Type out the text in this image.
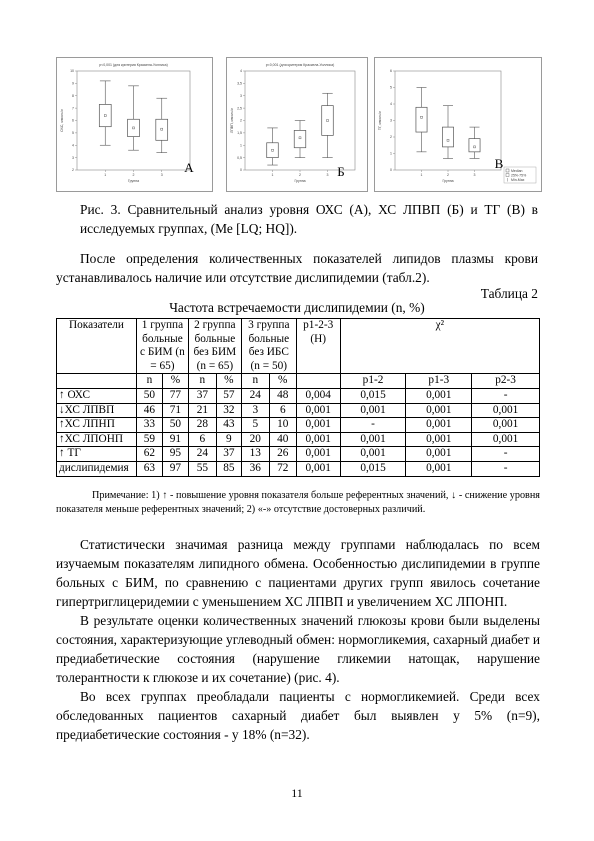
10
9
8
7
6
5
4
3
2
1	2	3
Группа
ОХС, ммоль/л
p<0,001 (для критерия Краскела-Уоллиса)
А
4
3,5
3
2,5
2
1,5
1
0,5
0
1	2	3
Группа
ЛПВП, ммоль/л
p<0,001 (для критерия Краскела-Уоллиса)
Б
6
5
4
3
2
1
0
1	2	3
Группа
ТГ, ммоль/л
В Median
25%-75%
Min-Max
Рис. 3. Сравнительный анализ уровня ОХС (А), ХС ЛПВП (Б) и ТГ (В) в исследуемых группах, (Ме [LQ; HQ]).

После определения количественных показателей липидов плазмы крови устанавливалось наличие или отсутствие дислипидемии (табл.2).

Таблица 2
Частота встречаемости дислипидемии (n, %)
Показатели	1 группа больные с БИМ (n = 65)		2 группа больные без БИМ (n = 65)		3 группа больные без ИБС (n = 50)		p1-2-3 (H)	χ²		
	n	%	n	%	n	%		p1-2	p1-3	p2-3
↑ ОХС	50	77	37	57	24	48	0,004	0,015	0,001	-
↓ХС ЛПВП	46	71	21	32	3	6	0,001	0,001	0,001	0,001
↑ХС ЛПНП	33	50	28	43	5	10	0,001	-	0,001	0,001
↑ХС ЛПОНП	59	91	6	9	20	40	0,001	0,001	0,001	0,001
↑ ТГ	62	95	24	37	13	26	0,001	0,001	0,001	-
дислипидемия	63	97	55	85	36	72	0,001	0,015	0,001	-
Примечание: 1) ↑ - повышение уровня показателя больше референтных значений, ↓ - снижение уровня показателя меньше референтных значений; 2) «-» отсутствие достоверных различий.

Статистически значимая разница между группами наблюдалась по всем изучаемым показателям липидного обмена. Особенностью дислипидемии в группе больных с БИМ, по сравнению с пациентами других групп явилось сочетание гипертриглицеридемии с уменьшением ХС ЛПВП и увеличением ХС ЛПОНП.

В результате оценки количественных значений глюкозы крови были выделены состояния, характеризующие углеводный обмен: нормогликемия, сахарный диабет и предиабетические состояния (нарушение гликемии натощак, нарушение толерантности к глюкозе и их сочетание) (рис. 4).

Во всех группах преобладали пациенты с нормогликемией. Среди всех обследованных пациентов сахарный диабет был выявлен у 5% (n=9), предиабетические состояния - у 18% (n=32).

11
